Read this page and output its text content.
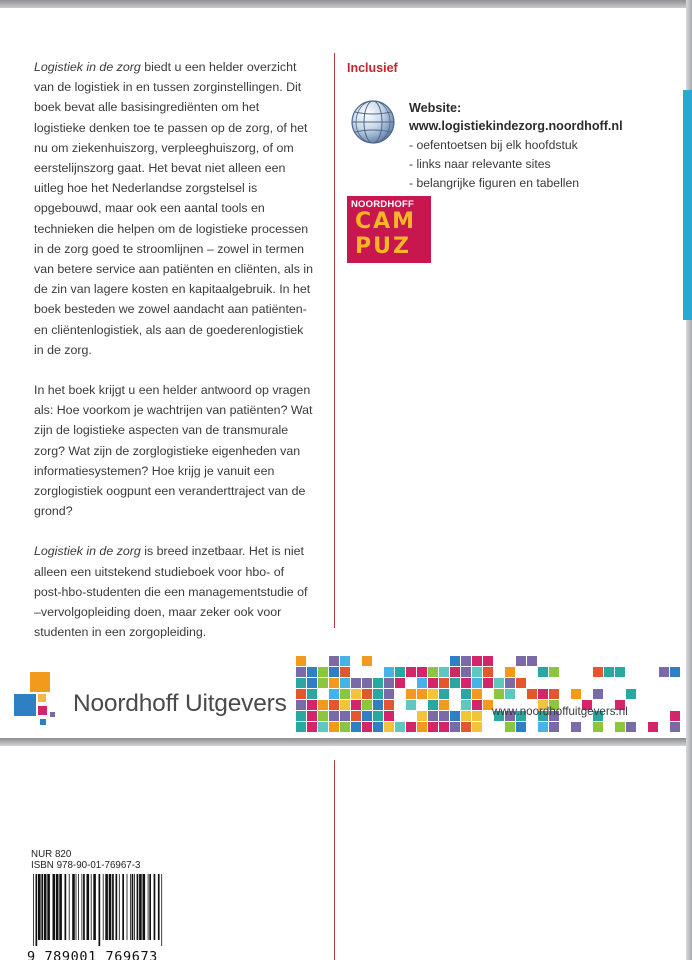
Logistiek in de zorg biedt u een helder overzicht van de logistiek in en tussen zorginstellingen. Dit boek bevat alle basisingrediënten om het logistieke denken toe te passen op de zorg, of het nu om ziekenhuiszorg, verpleeghuiszorg, of om eerstelijnszorg gaat. Het bevat niet alleen een uitleg hoe het Nederlandse zorgstelsel is opgebouwd, maar ook een aantal tools en technieken die helpen om de logistieke processen in de zorg goed te stroomlijnen – zowel in termen van betere service aan patiënten en cliënten, als in de zin van lagere kosten en kapitaalgebruik. In het boek besteden we zowel aandacht aan patiënten- en cliëntenlogistiek, als aan de goederenlogistiek in de zorg.

In het boek krijgt u een helder antwoord op vragen als: Hoe voorkom je wachtrijen van patiënten? Wat zijn de logistieke aspecten van de transmurale zorg? Wat zijn de zorglogistieke eigenheden van informatiesystemen? Hoe krijg je vanuit een zorglogistiek oogpunt een veranderttraject van de grond?

Logistiek in de zorg is breed inzetbaar. Het is niet alleen een uitstekend studieboek voor hbo- of post-hbo-studenten die een managementstudie of –vervolgopleiding doen, maar zeker ook voor studenten in een zorgopleiding.

Inclusief
Website:
www.logistiekindezorg.noordhoff.nl
- oefentoetsen bij elk hoofdstuk
- links naar relevante sites
- belangrijke figuren en tabellen
NOORDHOFF
CAM
PUZ
Noordhoff Uitgevers	www.noordhoffuitgevers.nl
NUR 820
ISBN 978-90-01-76967-3
9 789001 769673
